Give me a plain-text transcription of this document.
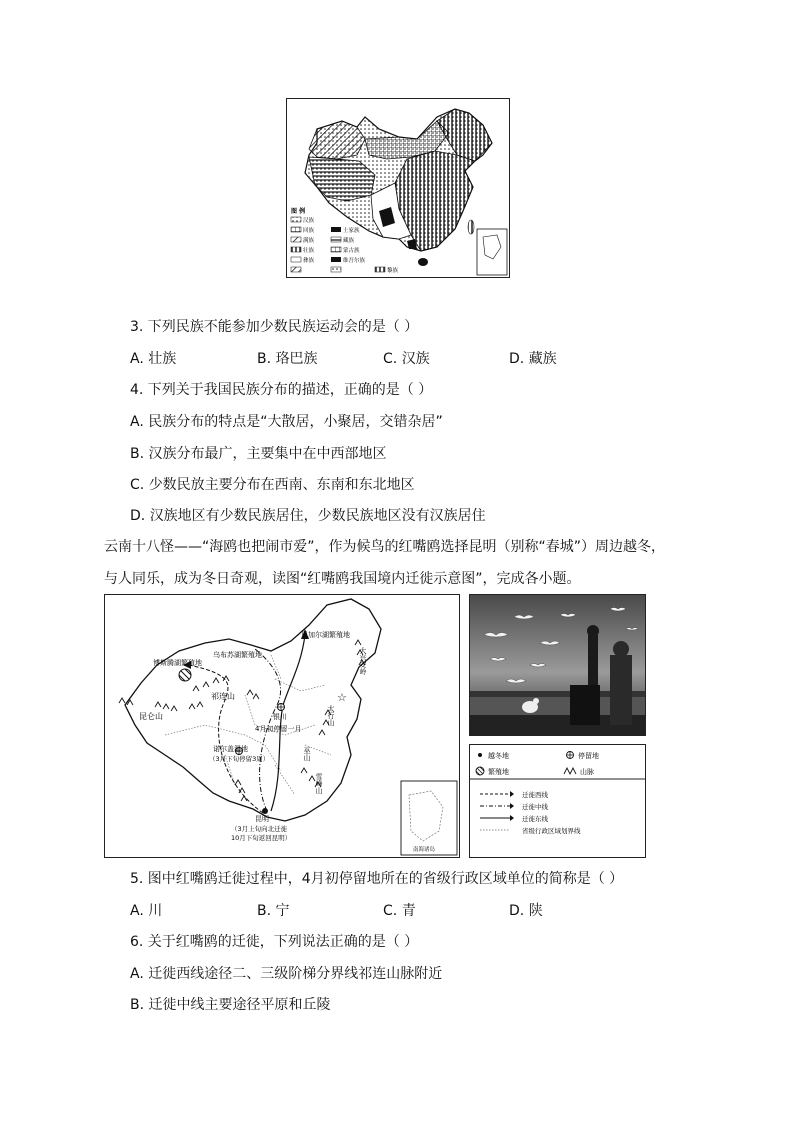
图 例
汉族
回族	土家族
满族	藏族
壮族	蒙古族
彝族	维吾尔族
黎族
3. 下列民族不能参加少数民族运动会的是（ ）
A. 壮族	B. 珞巴族	C. 汉族	D. 藏族
4. 下列关于我国民族分布的描述，正确的是（ ）
A. 民族分布的特点是“大散居，小聚居，交错杂居”
B. 汉族分布最广，主要集中在中西部地区
C. 少数民放主要分布在西南、东南和东北地区
D. 汉族地区有少数民族居住，少数民族地区没有汉族居住
云南十八怪——“海鸥也把闹市爱”，作为候鸟的红嘴鸥选择昆明（别称“春城”）周边越冬，
与人同乐，成为冬日奇观，读图“红嘴鸥我国境内迁徙示意图”，完成各小题。
☆
乌布苏湖繁殖地
贝加尔湖繁殖地
博斯腾湖繁殖地	大兴安岭
昆仑山
祁连山
银川
4月初停留一月
太行山
诺尔盖湿地
（3月下旬停留3周）	巫山
雪峰山
昆明
（3月上旬向北迁徙
10月下旬返回昆明）
南海诸岛
越冬地	停留地
繁殖地	山脉
迁徙西线
迁徙中线
迁徙东线
省级行政区域划界线
5. 图中红嘴鸥迁徙过程中，4月初停留地所在的省级行政区域单位的简称是（ ）
A. 川	B. 宁	C. 青	D. 陕
6. 关于红嘴鸥的迁徙，下列说法正确的是（ ）
A. 迁徙西线途径二、三级阶梯分界线祁连山脉附近
B. 迁徙中线主要途径平原和丘陵
